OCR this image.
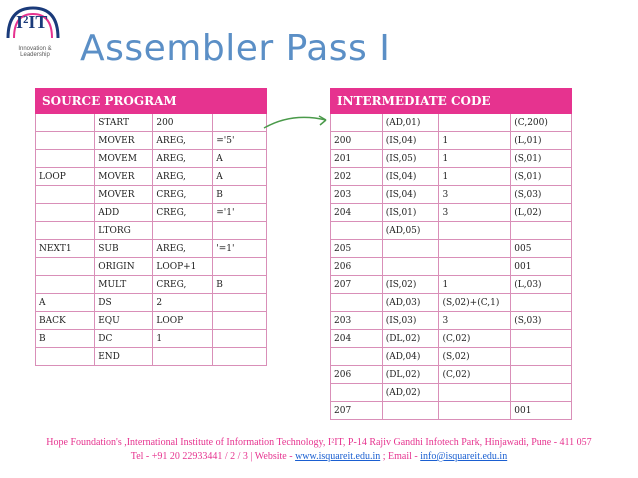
I²IT
Innovation & Leadership Assembler Pass I
SOURCE PROGRAM			
	START	200	
	MOVER	AREG,	='5'
	MOVEM	AREG,	A
LOOP	MOVER	AREG,	A
	MOVER	CREG,	B
	ADD	CREG,	='1'
	LTORG		
NEXT1	SUB	AREG,	'=1'
	ORIGIN	LOOP+1	
	MULT	CREG,	B
A	DS	2	
BACK	EQU	LOOP	
B	DC	1	
	END		
INTERMEDIATE CODE			
	(AD,01)		(C,200)
200	(IS,04)	1	(L,01)
201	(IS,05)	1	(S,01)
202	(IS,04)	1	(S,01)
203	(IS,04)	3	(S,03)
204	(IS,01)	3	(L,02)
	(AD,05)		
205			005
206			001
207	(IS,02)	1	(L,03)
	(AD,03)	(S,02)+(C,1)	
203	(IS,03)	3	(S,03)
204	(DL,02)	(C,02)	
	(AD,04)	(S,02)	
206	(DL,02)	(C,02)	
	(AD,02)		
207			001
Hope Foundation's ,International Institute of Information Technology, I²IT, P-14 Rajiv Gandhi Infotech Park, Hinjawadi, Pune - 411 057
Tel - +91 20 22933441 / 2 / 3 | Website - www.isquareit.edu.in ; Email - info@isquareit.edu.in
